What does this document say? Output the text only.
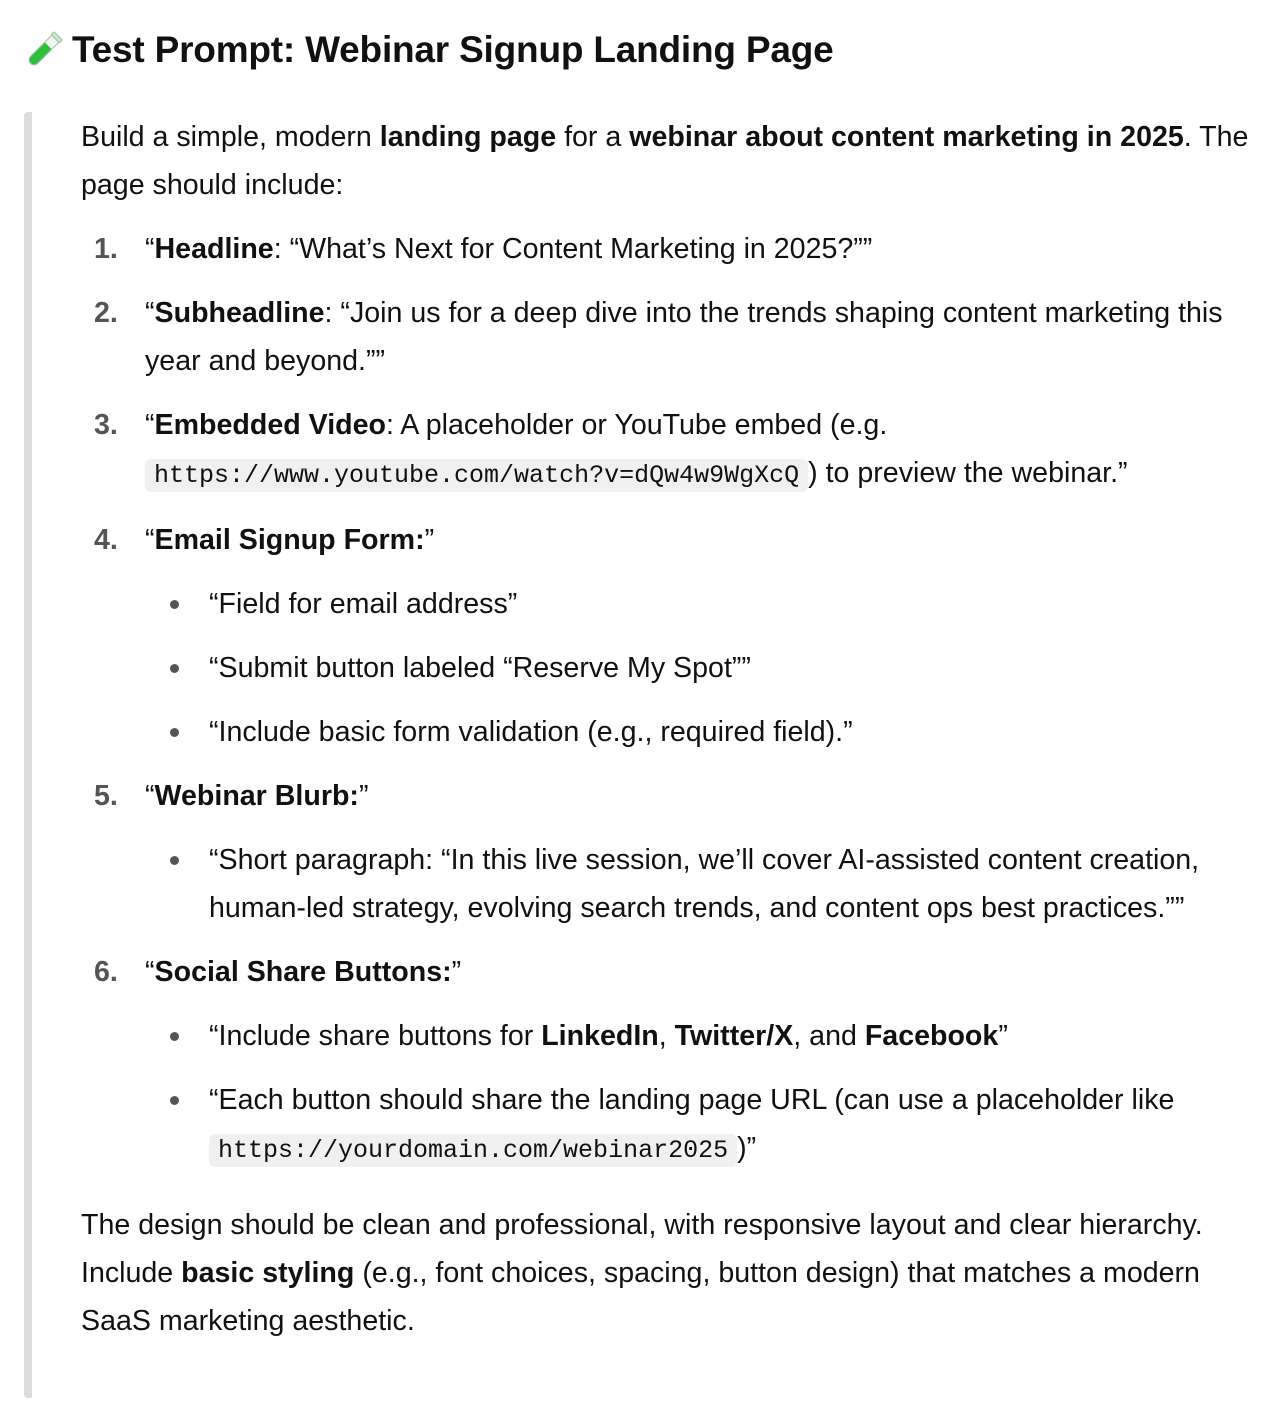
Test Prompt: Webinar Signup Landing Page

Build a simple, modern landing page for a webinar about content marketing in 2025. The page should include:

1. “Headline: “What’s Next for Content Marketing in 2025?””
2. “Subheadline: “Join us for a deep dive into the trends shaping content marketing this year and beyond.””
3. “Embedded Video: A placeholder or YouTube embed (e.g. https://www.youtube.com/watch?v=dQw4w9WgXcQ ) to preview the webinar.”
4. “Email Signup Form:”
“Field for email address”
“Submit button labeled “Reserve My Spot””
“Include basic form validation (e.g., required field).”
5. “Webinar Blurb:”
“Short paragraph: “In this live session, we’ll cover AI-assisted content creation, human-led strategy, evolving search trends, and content ops best practices.””
6. “Social Share Buttons:”
“Include share buttons for LinkedIn, Twitter/X, and Facebook”
“Each button should share the landing page URL (can use a placeholder like https://yourdomain.com/webinar2025 )”

The design should be clean and professional, with responsive layout and clear hierarchy. Include basic styling (e.g., font choices, spacing, button design) that matches a modern SaaS marketing aesthetic.
